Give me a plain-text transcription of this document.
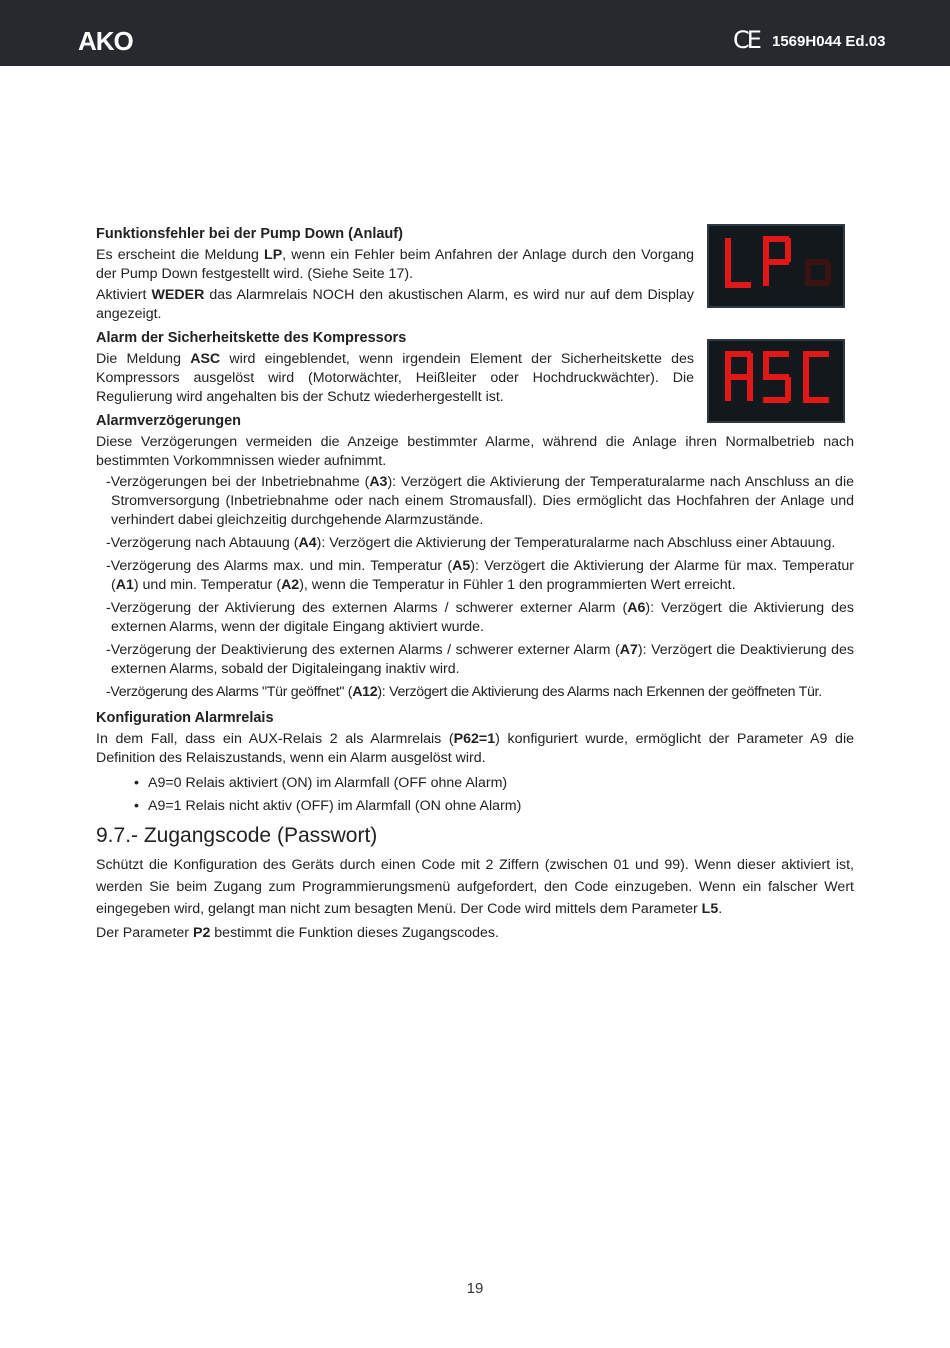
AKO	CE 1569H044 Ed.03
Funktionsfehler bei der Pump Down (Anlauf)

Es erscheint die Meldung LP, wenn ein Fehler beim Anfahren der Anlage durch den Vorgang der Pump Down festgestellt wird. (Siehe Seite 17).

Aktiviert WEDER das Alarmrelais NOCH den akustischen Alarm, es wird nur auf dem Display angezeigt.

Alarm der Sicherheitskette des Kompressors

Die Meldung ASC wird eingeblendet, wenn irgendein Element der Sicherheitskette des Kompressors ausgelöst wird (Motorwächter, Heißleiter oder Hochdruckwächter). Die Regulierung wird angehalten bis der Schutz wiederhergestellt ist.

Alarmverzögerungen

Diese Verzögerungen vermeiden die Anzeige bestimmter Alarme, während die Anlage ihren Normalbetrieb nach bestimmten Vorkommnissen wieder aufnimmt.

-Verzögerungen bei der Inbetriebnahme (A3): Verzögert die Aktivierung der Temperaturalarme nach Anschluss an die Stromversorgung (Inbetriebnahme oder nach einem Stromausfall). Dies ermöglicht das Hochfahren der Anlage und verhindert dabei gleichzeitig durchgehende Alarmzustände.
-Verzögerung nach Abtauung (A4): Verzögert die Aktivierung der Temperaturalarme nach Abschluss einer Abtauung.
-Verzögerung des Alarms max. und min. Temperatur (A5): Verzögert die Aktivierung der Alarme für max. Temperatur (A1) und min. Temperatur (A2), wenn die Temperatur in Fühler 1 den programmierten Wert erreicht.
-Verzögerung der Aktivierung des externen Alarms / schwerer externer Alarm (A6): Verzögert die Aktivierung des externen Alarms, wenn der digitale Eingang aktiviert wurde.
-Verzögerung der Deaktivierung des externen Alarms / schwerer externer Alarm (A7): Verzögert die Deaktivierung des externen Alarms, sobald der Digitaleingang inaktiv wird.
-Verzögerung des Alarms "Tür geöffnet" (A12): Verzögert die Aktivierung des Alarms nach Erkennen der geöffneten Tür.
Konfiguration Alarmrelais

In dem Fall, dass ein AUX-Relais 2 als Alarmrelais (P62=1) konfiguriert wurde, ermöglicht der Parameter A9 die Definition des Relaiszustands, wenn ein Alarm ausgelöst wird.

• A9=0 Relais aktiviert (ON) im Alarmfall (OFF ohne Alarm)
• A9=1 Relais nicht aktiv (OFF) im Alarmfall (ON ohne Alarm)
9.7.- Zugangscode (Passwort)

Schützt die Konfiguration des Geräts durch einen Code mit 2 Ziffern (zwischen 01 und 99). Wenn dieser aktiviert ist, werden Sie beim Zugang zum Programmierungsmenü aufgefordert, den Code einzugeben. Wenn ein falscher Wert eingegeben wird, gelangt man nicht zum besagten Menü. Der Code wird mittels dem Parameter L5.

Der Parameter P2 bestimmt die Funktion dieses Zugangscodes.

19
